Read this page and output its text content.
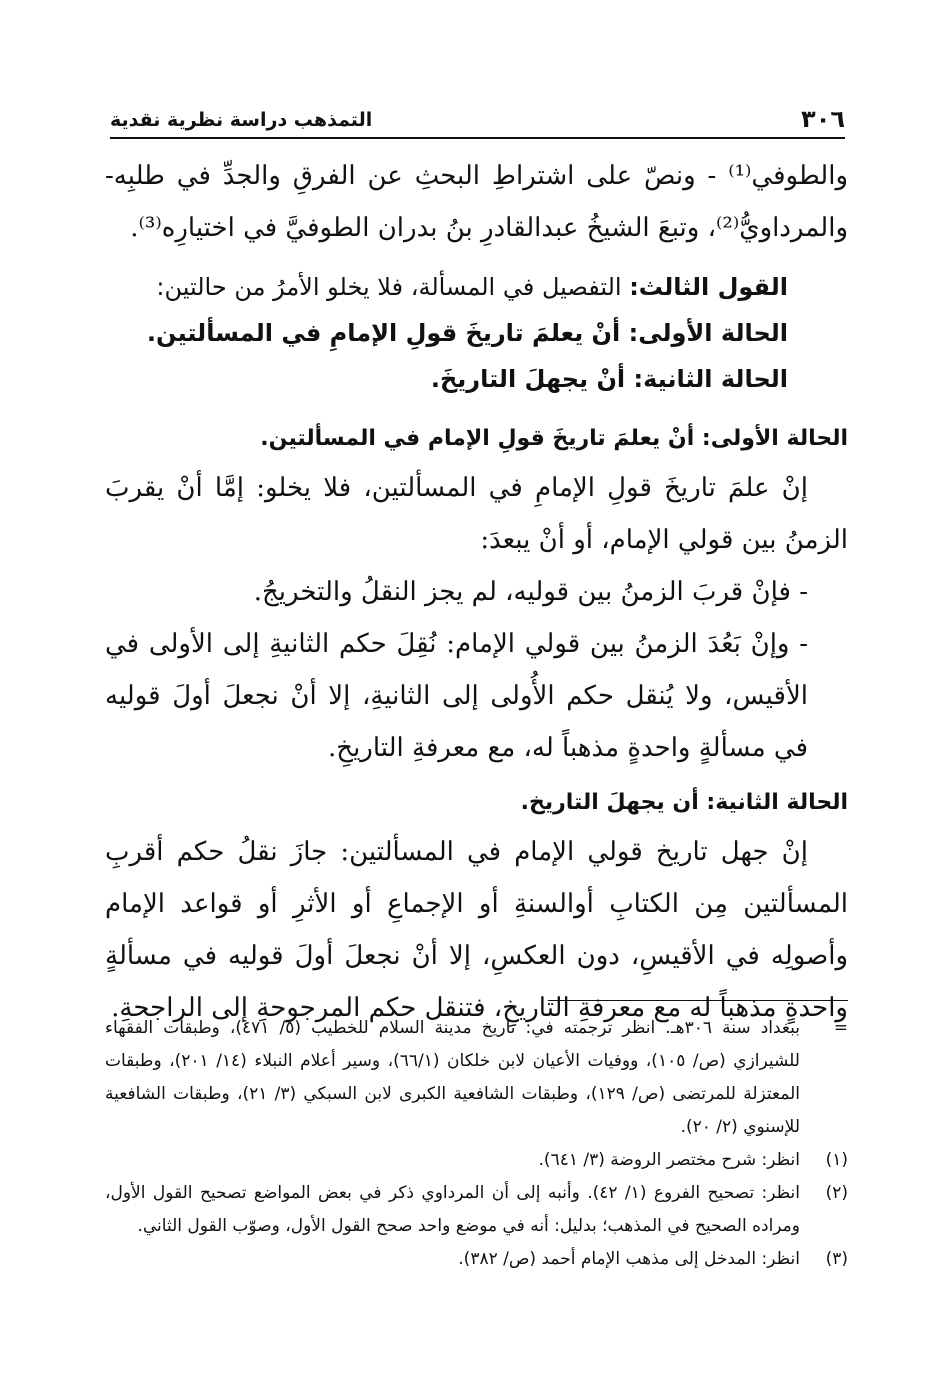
٣٠٦
التمذهب دراسة نظرية نقدية

والطوفي⁽¹⁾ - ونصّ على اشتراطِ البحثِ عن الفرقِ والجدِّ في طلبِه- والمرداويُّ⁽²⁾، وتبعَ الشيخُ عبدالقادرِ بنُ بدران الطوفيَّ في اختيارِه⁽³⁾.

القول الثالث: التفصيل في المسألة، فلا يخلو الأمرُ من حالتين:
الحالة الأولى: أنْ يعلمَ تاريخَ قولِ الإمامِ في المسألتين.
الحالة الثانية: أنْ يجهلَ التاريخَ.

الحالة الأولى: أنْ يعلمَ تاريخَ قولِ الإمام في المسألتين.

إنْ علمَ تاريخَ قولِ الإمامِ في المسألتين، فلا يخلو: إمَّا أنْ يقربَ الزمنُ بين قولي الإمام، أو أنْ يبعدَ:

- فإنْ قربَ الزمنُ بين قوليه، لم يجز النقلُ والتخريجُ.

- وإنْ بَعُدَ الزمنُ بين قولي الإمام: نُقِلَ حكم الثانيةِ إلى الأولى في الأقيس، ولا يُنقل حكم الأُولى إلى الثانيةِ، إلا أنْ نجعلَ أولَ قوليه في مسألةٍ واحدةٍ مذهباً له، مع معرفةِ التاريخِ.

الحالة الثانية: أن يجهلَ التاريخ.

إنْ جهل تاريخ قولي الإمام في المسألتين: جازَ نقلُ حكم أقربِ المسألتين مِن الكتابِ أوالسنةِ أو الإجماعِ أو الأثرِ أو قواعد الإمام وأصولِه في الأقيسِ، دون العكسِ، إلا أنْ نجعلَ أولَ قوليه في مسألةٍ واحدةٍ مذهباً له مع معرفةِ التاريخِ، فتنقل حكم المرجوحةِ إلى الراجحةِ.

=
ببغداد سنة ٣٠٦هـ. انظر ترجمته في: تاريخ مدينة السلام للخطيب (٥/ ٤٧١)، وطبقات الفقهاء للشيرازي (ص/ ١٠٥)، ووفيات الأعيان لابن خلكان (٦٦/١)، وسير أعلام النبلاء (١٤/ ٢٠١)، وطبقات المعتزلة للمرتضى (ص/ ١٢٩)، وطبقات الشافعية الكبرى لابن السبكي (٣/ ٢١)، وطبقات الشافعية للإسنوي (٢/ ٢٠).
(١)
انظر: شرح مختصر الروضة (٣/ ٦٤١).
(٢)
انظر: تصحيح الفروع (١/ ٤٢). وأنبه إلى أن المرداوي ذكر في بعض المواضع تصحيح القول الأول، ومراده الصحيح في المذهب؛ بدليل: أنه في موضع واحد صحح القول الأول، وصوّب القول الثاني.
(٣)
انظر: المدخل إلى مذهب الإمام أحمد (ص/ ٣٨٢).
